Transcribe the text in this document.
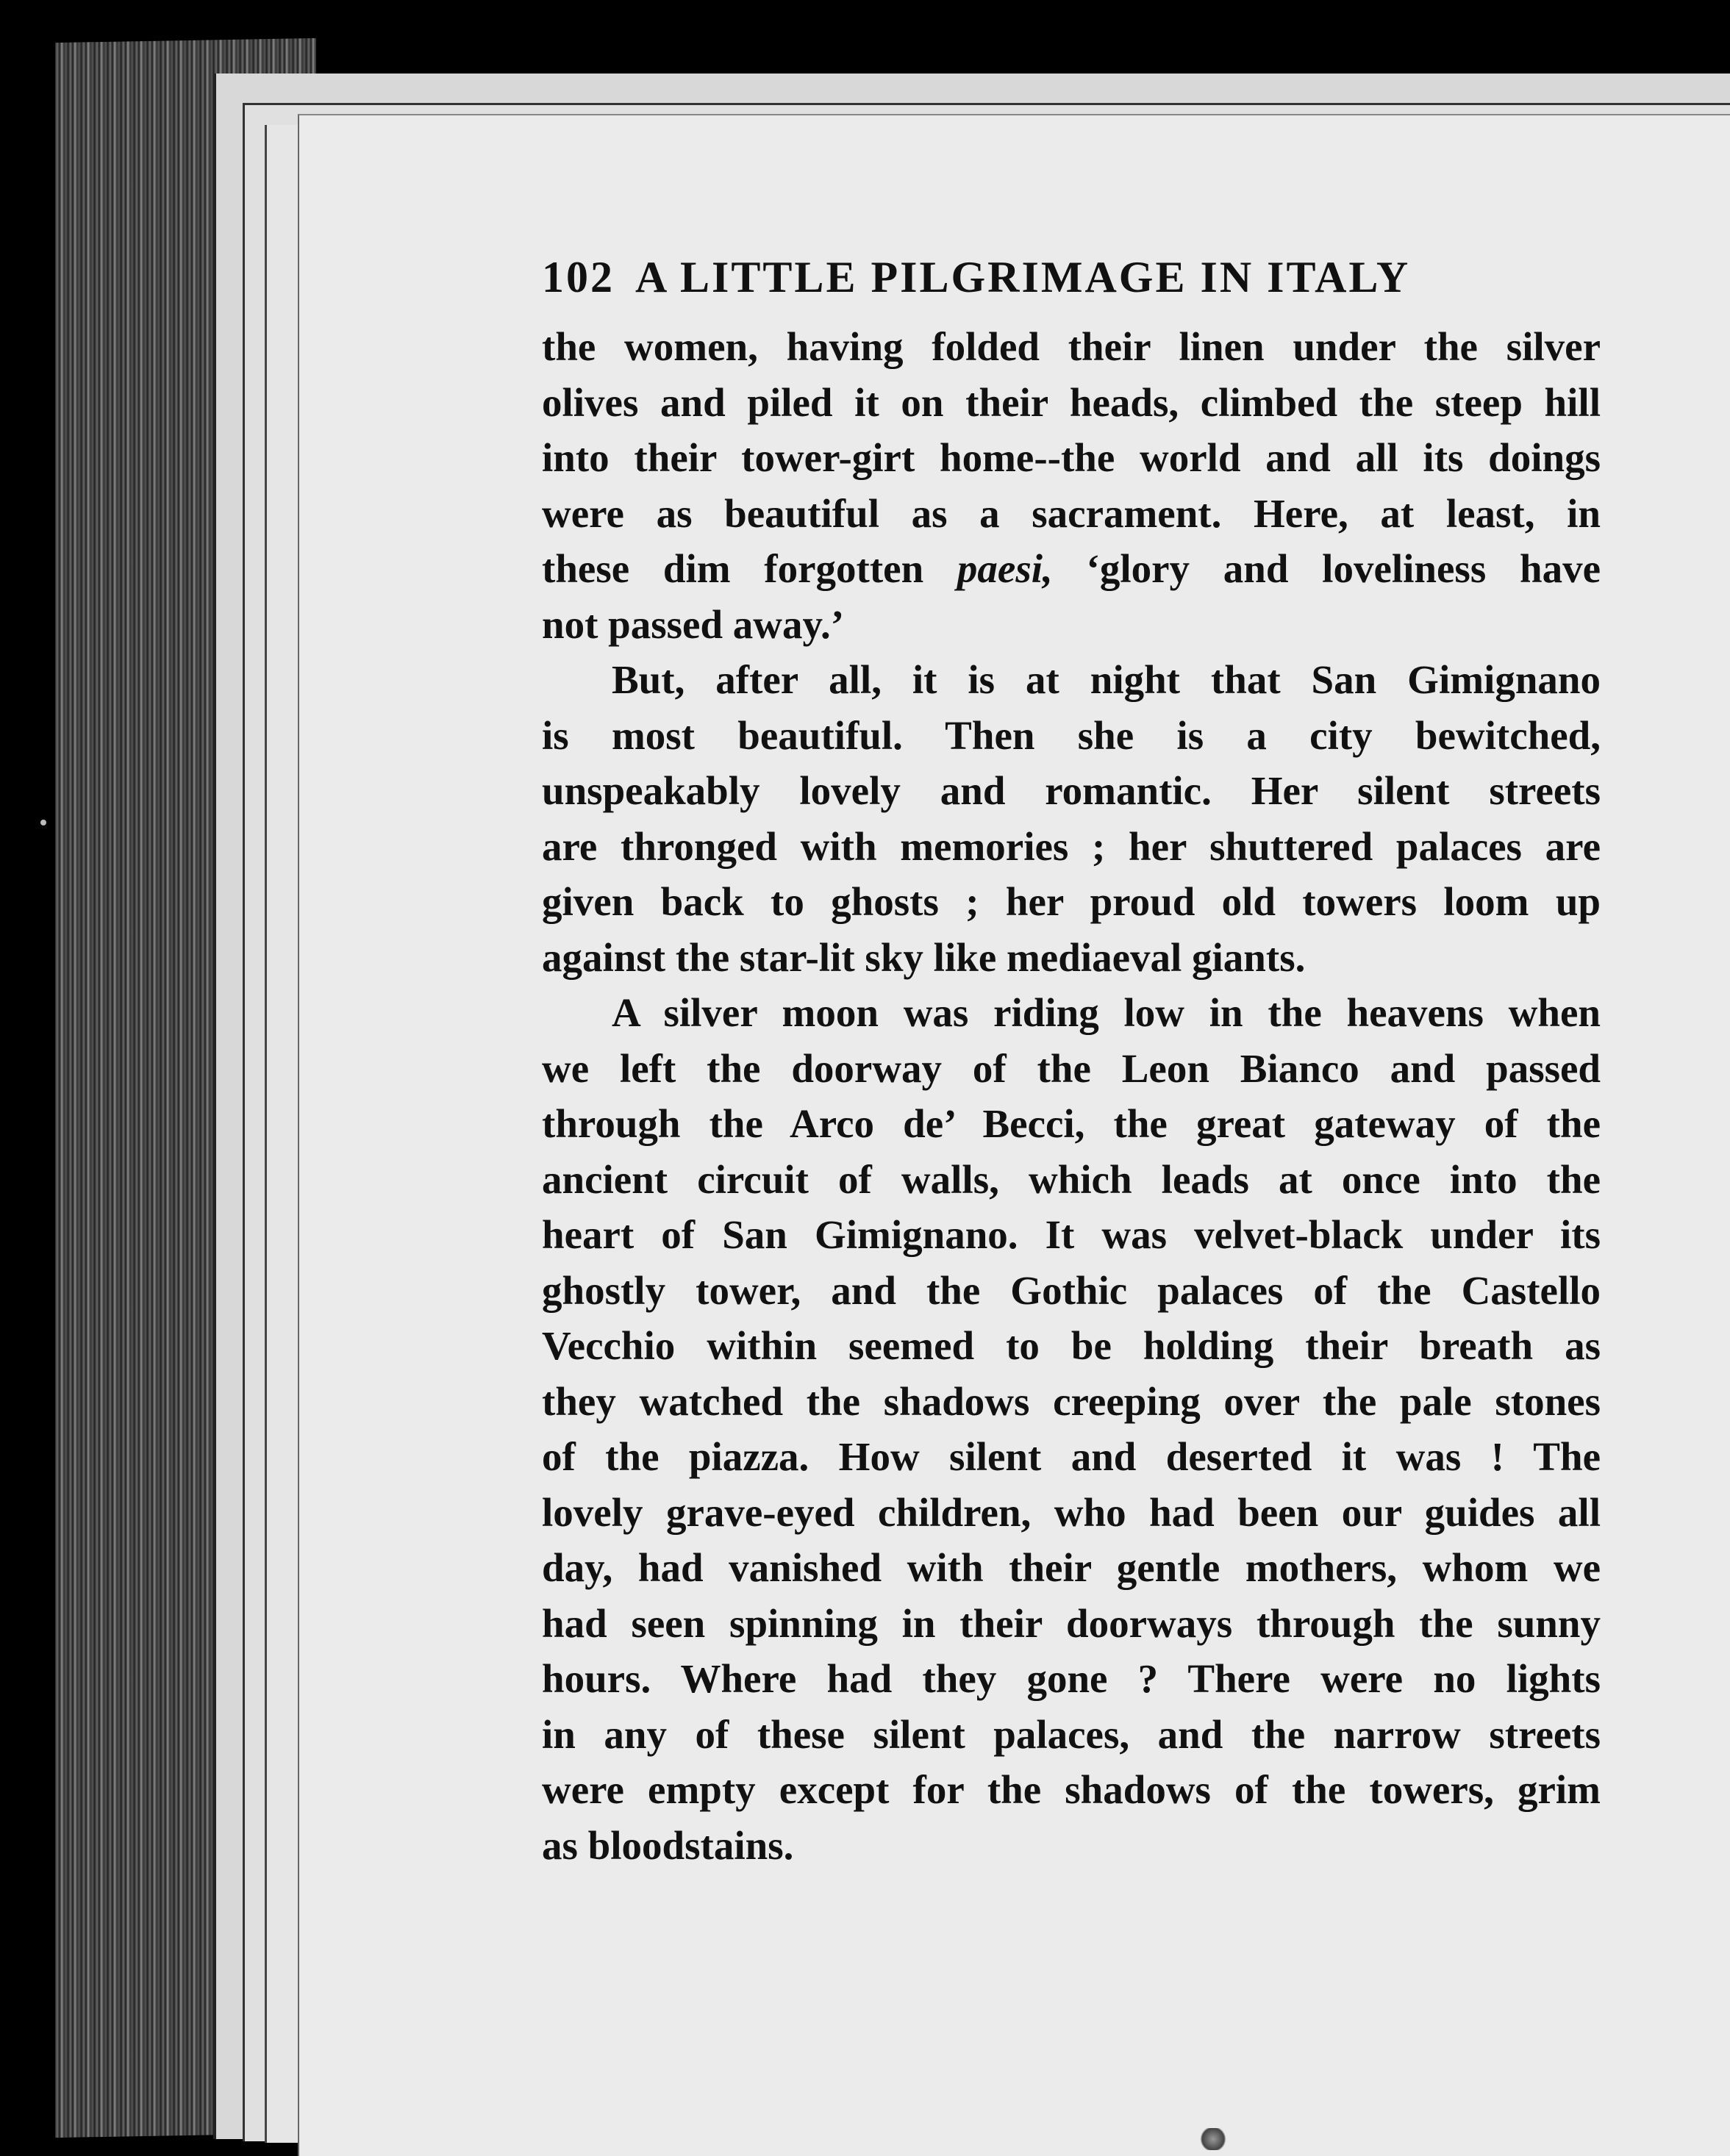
102 A LITTLE PILGRIMAGE IN ITALY

the women, having folded their linen under the silver
olives and piled it on their heads, climbed the steep hill
into their tower-girt home--the world and all its doings
were as beautiful as a sacrament. Here, at least, in
these dim forgotten paesi, ‘glory and loveliness have
not passed away.’

But, after all, it is at night that San Gimignano
is most beautiful. Then she is a city bewitched,
unspeakably lovely and romantic. Her silent streets
are thronged with memories ; her shuttered palaces are
given back to ghosts ; her proud old towers loom up
against the star-lit sky like mediaeval giants.

A silver moon was riding low in the heavens when
we left the doorway of the Leon Bianco and passed
through the Arco de’ Becci, the great gateway of the
ancient circuit of walls, which leads at once into the
heart of San Gimignano. It was velvet-black under its
ghostly tower, and the Gothic palaces of the Castello
Vecchio within seemed to be holding their breath as
they watched the shadows creeping over the pale stones
of the piazza. How silent and deserted it was ! The
lovely grave-eyed children, who had been our guides all
day, had vanished with their gentle mothers, whom we
had seen spinning in their doorways through the sunny
hours. Where had they gone ? There were no lights
in any of these silent palaces, and the narrow streets
were empty except for the shadows of the towers, grim
as bloodstains.
